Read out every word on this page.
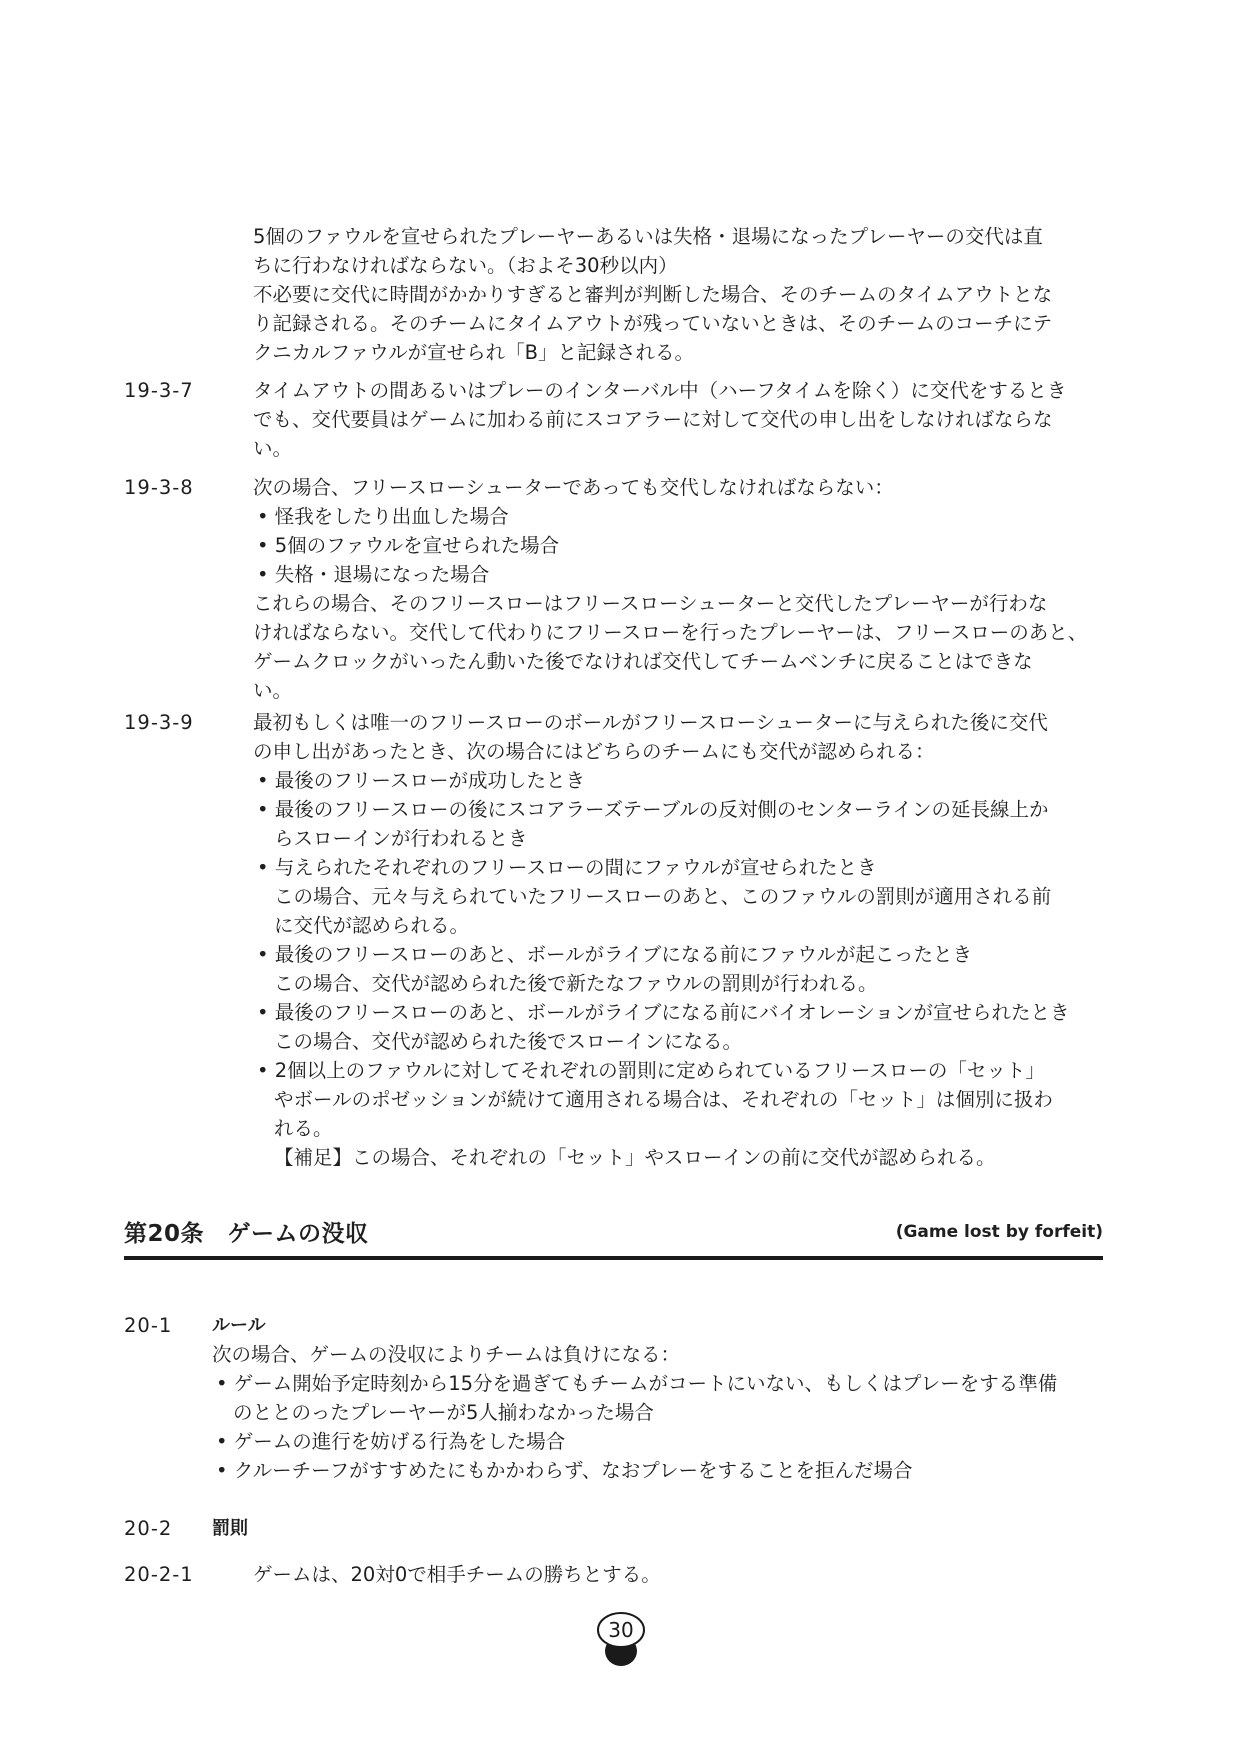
5個のファウルを宣せられたプレーヤーあるいは失格・退場になったプレーヤーの交代は直
ちに行わなければならない。（およそ30秒以内）
不必要に交代に時間がかかりすぎると審判が判断した場合、そのチームのタイムアウトとな
り記録される。そのチームにタイムアウトが残っていないときは、そのチームのコーチにテ
クニカルファウルが宣せられ「B」と記録される。
19-3-7	タイムアウトの間あるいはプレーのインターバル中（ハーフタイムを除く）に交代をするとき
でも、交代要員はゲームに加わる前にスコアラーに対して交代の申し出をしなければならな
い。
19-3-8	次の場合、フリースローシューターであっても交代しなければならない：
• 怪我をしたり出血した場合
• 5個のファウルを宣せられた場合
• 失格・退場になった場合
これらの場合、そのフリースローはフリースローシューターと交代したプレーヤーが行わな
ければならない。交代して代わりにフリースローを行ったプレーヤーは、フリースローのあと、
ゲームクロックがいったん動いた後でなければ交代してチームベンチに戻ることはできな
い。
19-3-9	最初もしくは唯一のフリースローのボールがフリースローシューターに与えられた後に交代
の申し出があったとき、次の場合にはどちらのチームにも交代が認められる：
• 最後のフリースローが成功したとき
• 最後のフリースローの後にスコアラーズテーブルの反対側のセンターラインの延長線上か
らスローインが行われるとき
• 与えられたそれぞれのフリースローの間にファウルが宣せられたとき
この場合、元々与えられていたフリースローのあと、このファウルの罰則が適用される前
に交代が認められる。
• 最後のフリースローのあと、ボールがライブになる前にファウルが起こったとき
この場合、交代が認められた後で新たなファウルの罰則が行われる。
• 最後のフリースローのあと、ボールがライブになる前にバイオレーションが宣せられたとき
この場合、交代が認められた後でスローインになる。
• 2個以上のファウルに対してそれぞれの罰則に定められているフリースローの「セット」
やボールのポゼッションが続けて適用される場合は、それぞれの「セット」は個別に扱わ
れる。
【補足】この場合、それぞれの「セット」やスローインの前に交代が認められる。
第20条　ゲームの没収	(Game lost by forfeit)
20-1 ルール
次の場合、ゲームの没収によりチームは負けになる：
• ゲーム開始予定時刻から15分を過ぎてもチームがコートにいない、もしくはプレーをする準備
のととのったプレーヤーが5人揃わなかった場合
• ゲームの進行を妨げる行為をした場合
• クルーチーフがすすめたにもかかわらず、なおプレーをすることを拒んだ場合
20-2 罰則
20-2-1	ゲームは、20対0で相手チームの勝ちとする。
30
